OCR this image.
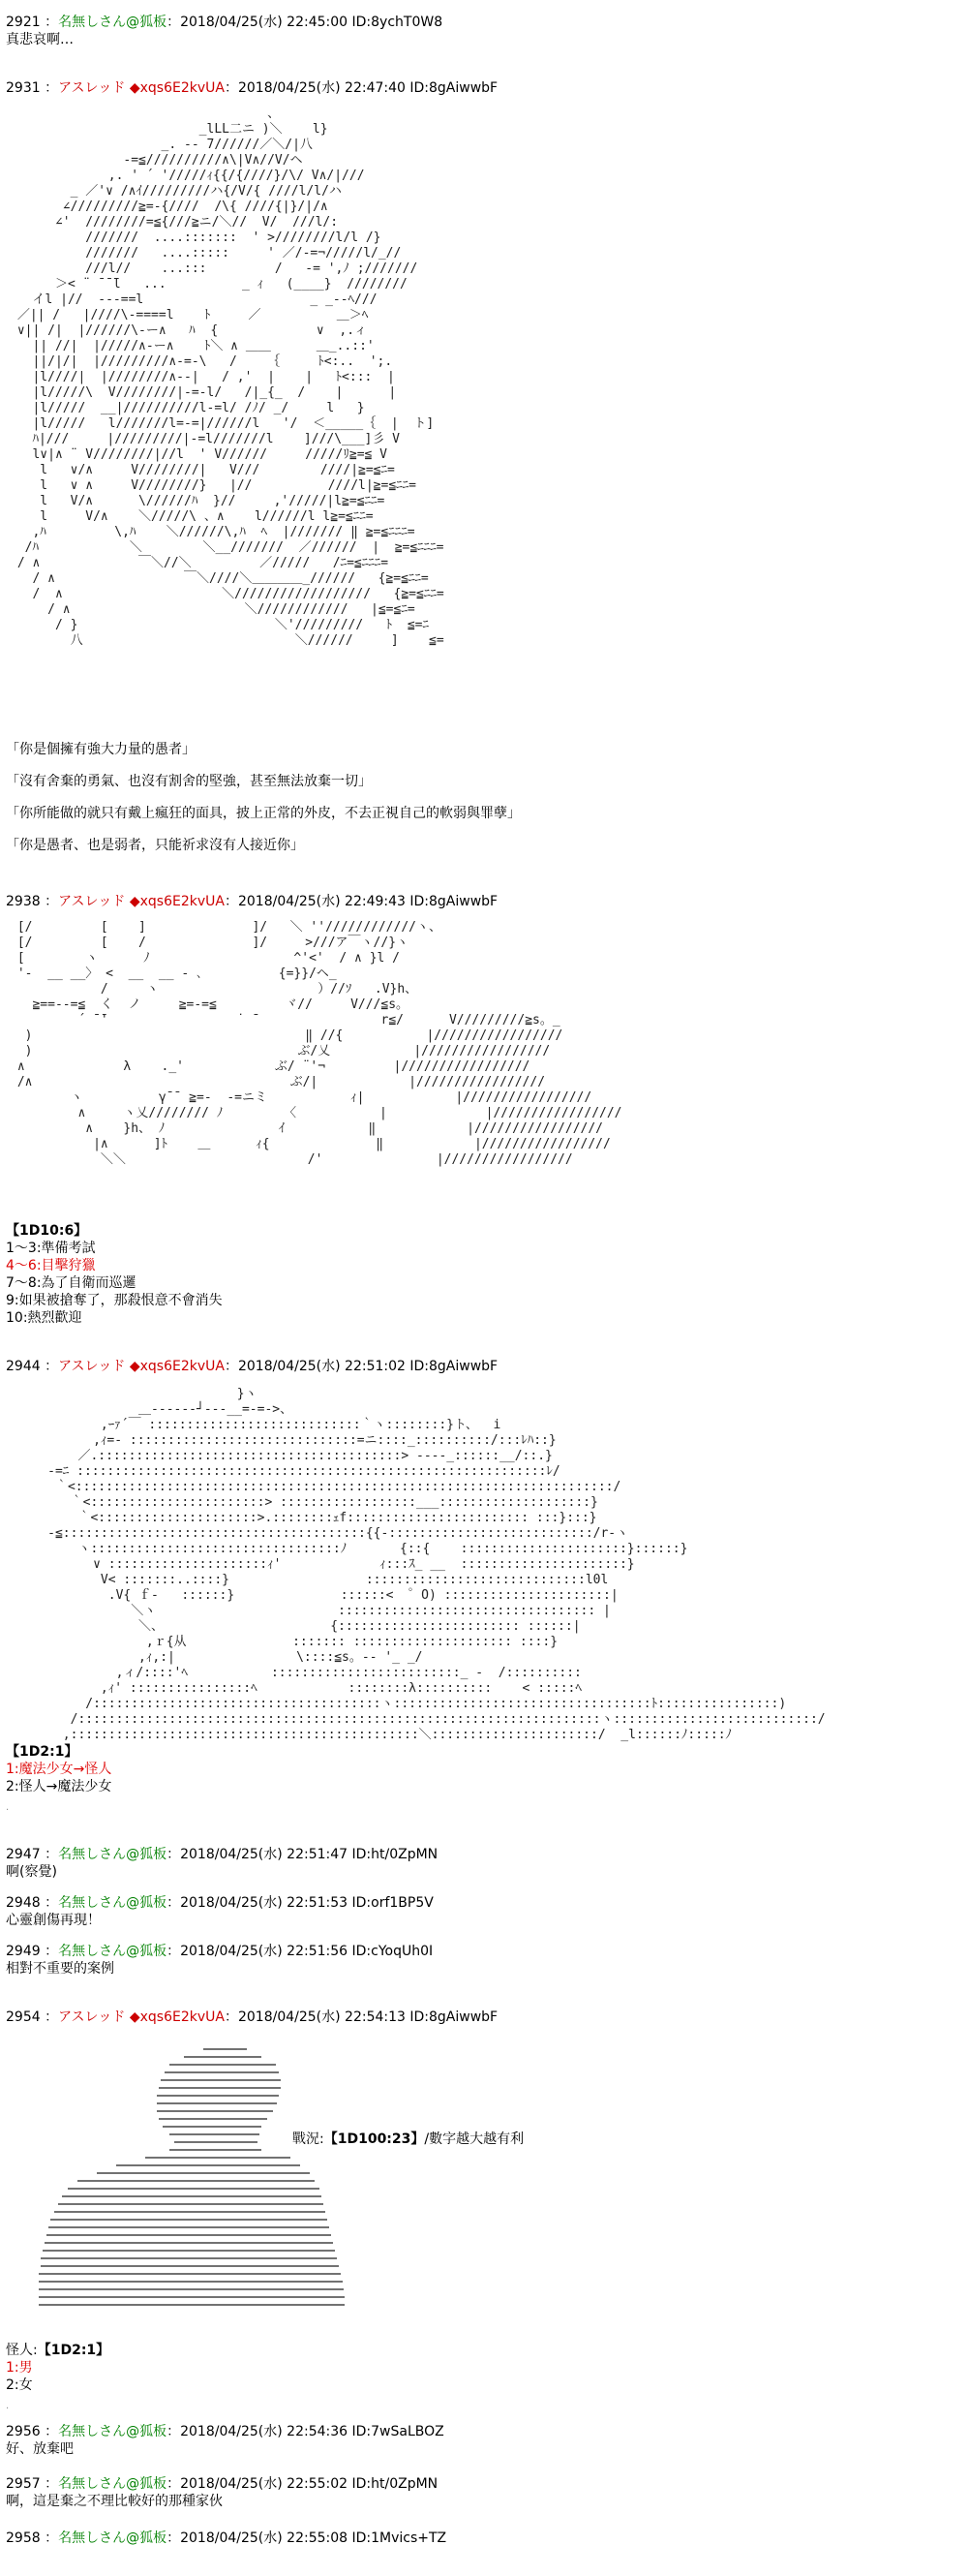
2921 ：名無しさん@狐板：2018/04/25(水) 22:45:00 ID:8ychT0W8
真悲哀啊…
2931 ：アスレッド ◆xqs6E2kvUA：2018/04/25(水) 22:47:40 ID:8gAiwwbF
、
_lLL二ニ )＼    l}
_. -‐ 7//////／＼/|八
-=≦//////////∧\|V∧//V/ヘ
,. ' ´ '/////ｨ{{/{////}/\/ V∧/|///
_ ／'∨ /∧ｲ/////////ハ{/V/{ ////l/l/ハ
∠/////////≧=-{////  /\{ ////{|}/|/∧
∠'  ////////=≦{///≧ニ/＼//  V/  ///l/:
///////  ....:::::::  ' >////////l/l /}
///////   ....:::::     ' ／/‐=¬/////l/_//
///l//    ...:::         /   ‐= ',ﾉ ;///////
＞< ¨ ̄ ̄ ̄l   ...          _ ｨ   (____}  ////////
イl |//  ‐--==l                      _ _--ﾍ///
／|| /   |////\‐====l    ﾄ     ／          ＿＞ﾍ
∨|| /|  |//////\‐ー∧   ﾊ  {             ∨  ,.ィ
|| //|  |/////∧‐ー∧    ﾄ＼ ∧ ＿＿      ＿_..::'
||/|/|  |/////////∧‐=‐\   /    ｛     ﾄ<:..  ';.
|l////|  |////////∧‐-|   / ,'  |    |   ﾄ<:::  |
|l/////\  V////////|‐=‐l/   /|_{_  /    |      |
|l/////  __|//////////l‐=l/ /ﾉ/ _/     l   }
|l/////   l///////l=‐=|//////l   '/  ＜_____｛  |  ト]
ﾊ|///     |/////////|‐=l///////l    ]///\___]彡 V
l∨|∧ ¨ V////////|//l  ' V//////     /////ﾘ≧=≦ V
l   ∨/∧     V////////|   V///        ////|≧=≦ﾆ=
l   ∨ ∧     V////////}   |//          ////l|≧=≦ﾆﾆ=
l   V/∧      \//////ﾊ  }//     ,'/////|l≧=≦ﾆﾆ=
l     V/∧    ＼/////\ 、∧    l//////l l≧=≦ﾆﾆ=
,ﾊ         \,ﾊ    ＼//////\,ﾊ  ﾍ  |/////// ‖ ≧=≦ﾆﾆﾆ=
/ﾊ            ＼        ＼__///////  ／//////  |  ≧=≦ﾆﾆﾆ=
/ ∧             ￣＼//＼         ／/////   /ﾆ=≦ﾆﾆﾆ=
/ ∧                 ￣＼////＼＿＿＿＿_//////   {≧=≦ﾆﾆ=
/  ∧                     ＼//////////////////   {≧=≦ﾆﾆ=
/ ∧                       ＼////////////   |≦=≦ﾆ=
/ }                          ＼'/////////   ﾄ  ≦=ﾆ
八                            ＼//////     ]    ≦=
「你是個擁有強大力量的愚者」
「沒有舍棄的勇氣、也沒有割舍的堅強，甚至無法放棄一切」
「你所能做的就只有戴上瘋狂的面具，披上正常的外皮，不去正視自己的軟弱與罪孽」
「你是愚者、也是弱者，只能祈求沒有人接近你」
2938 ：アスレッド ◆xqs6E2kvUA：2018/04/25(水) 22:49:43 ID:8gAiwwbF
[/         [    ]              ]/   ＼ ''////////////ヽ、
[/         [    /              ]/     >///ア￣ヽ//}ヽ
[        ヽ      ﾉ                   ^'<'  / ∧ }l /
'‐  __ __〉 <  __  __ - ､          {=}}/ヘ_
/     ヽ                     ）//ｿ   .V}h、
≧==-‐=≦  く  ノ     ≧=-=≦         ヾ//     V///≦s。
´ ̄ ̄'                 ˙ ̄                 r≦/      V/////////≧s。_
)                                    ‖ //{           |/////////////////
)                                   ぶ/乂           |/////////////////
∧             λ    ._'            ぶ/ ¨'¬         |/////////////////
/∧                                  ぶ/|            |/////////////////
ヽ          γ¯¯ ≧=-  ‐=ニミ           ｨ|            |/////////////////
∧     ヽ乂//////// ﾉ        〈           |             |/////////////////
∧    }h、 ﾉ               ｲ           ‖            |/////////////////
|∧      ]ﾄ    ＿      ｨ{              ‖            |/////////////////
＼＼                        /'               |/////////////////
【1D10:6】
1〜3:準備考試
4〜6:目擊狩獵
7〜8:為了自衛而巡邏
9:如果被搶奪了，那殺恨意不會消失
10:熱烈歡迎
2944 ：アスレッド ◆xqs6E2kvUA：2018/04/25(水) 22:51:02 ID:8gAiwwbF
}ヽ
＿-‐‐‐--┘‐--__=‐=->、
,ｰｧ´￣ ::::::::::::::::::::::::::::｀ヽ::::::::}ト、  i
,ｨ=‐ ::::::::::::::::::::::::::::::=ニ::::_::::::::::/:::ﾚﾊ::}
／.::::::::::::::::::::::::::::::::::::::::> ‐‐--_::::::__/::.}
-=ﾆ ::::::::::::::::::::::::::::::::::::::::::::::::::::::::::::::ﾚ/
｀<:::::::::::::::::::::::::::::::::::::::::::::::::::::::::::::::::::::::/
｀<:::::::::::::::::::::::> ::::::::::::::::::___::::::::::::::::::::}
｀<:::::::::::::::::::::>.::::::::ｪf:::::::::::::::::::::::: :::}:::}
‐≦::::::::::::::::::::::::::::::::::::::::{{-:::::::::::::::::::::::::::/r‐ヽ
ヽ:::::::::::::::::::::::::::::::::ﾉ       {::{    ::::::::::::::::::::::}::::::}
∨ :::::::::::::::::::::ｨ'             ｨ:::ｽ_ __  ::::::::::::::::::::::}
V< :::::::..::::}                  :::::::::::::::::::::::::::::l0l
.V{ ｆ‐   ::::::}              ::::::<  ゜O) ::::::::::::::::::::::|
＼ヽ                        :::::::::::::::::::::::::::::::::: |
＼、                      {:::::::::::::::::::::::: ::::::|
,ｒ{从              ::::::: ::::::::::::::::::::: ::::}
,ｨ,:|                \::::≦s。-‐ '_ _/
,ィ/::::'ﾍ           :::::::::::::::::::::::::_ ‐  /::::::::::
,ｨ' ::::::::::::::::ﾍ            ::::::::λ::::::::::    < :::::ﾍ
/::::::::::::::::::::::::::::::::::::::ヽ::::::::::::::::::::::::::::::::::ﾄ::::::::::::::::)
/:::::::::::::::::::::::::::::::::::::::::::::::::::::::::::::::::::::ヽ:::::::::::::::::::::::::::/
,::::::::::::::::::::::::::::::::::::::::::::::＼::::::::::::::::::::::/  _l::::::ﾉ:::::ﾉ
【1D2:1】
1:魔法少女→怪人
2:怪人→魔法少女
.
2947 ：名無しさん@狐板：2018/04/25(水) 22:51:47 ID:ht/0ZpMN
啊(察覺)
2948 ：名無しさん@狐板：2018/04/25(水) 22:51:53 ID:orf1BP5V
心靈創傷再現！
2949 ：名無しさん@狐板：2018/04/25(水) 22:51:56 ID:cYoqUh0I
相對不重要的案例
2954 ：アスレッド ◆xqs6E2kvUA：2018/04/25(水) 22:54:13 ID:8gAiwwbF
戰況:【1D100:23】/數字越大越有利
怪人:【1D2:1】
1:男
2:女
.
2956 ：名無しさん@狐板：2018/04/25(水) 22:54:36 ID:7wSaLBOZ
好、放棄吧
2957 ：名無しさん@狐板：2018/04/25(水) 22:55:02 ID:ht/0ZpMN
啊，這是棄之不理比較好的那種家伙
2958 ：名無しさん@狐板：2018/04/25(水) 22:55:08 ID:1Mvics+TZ
